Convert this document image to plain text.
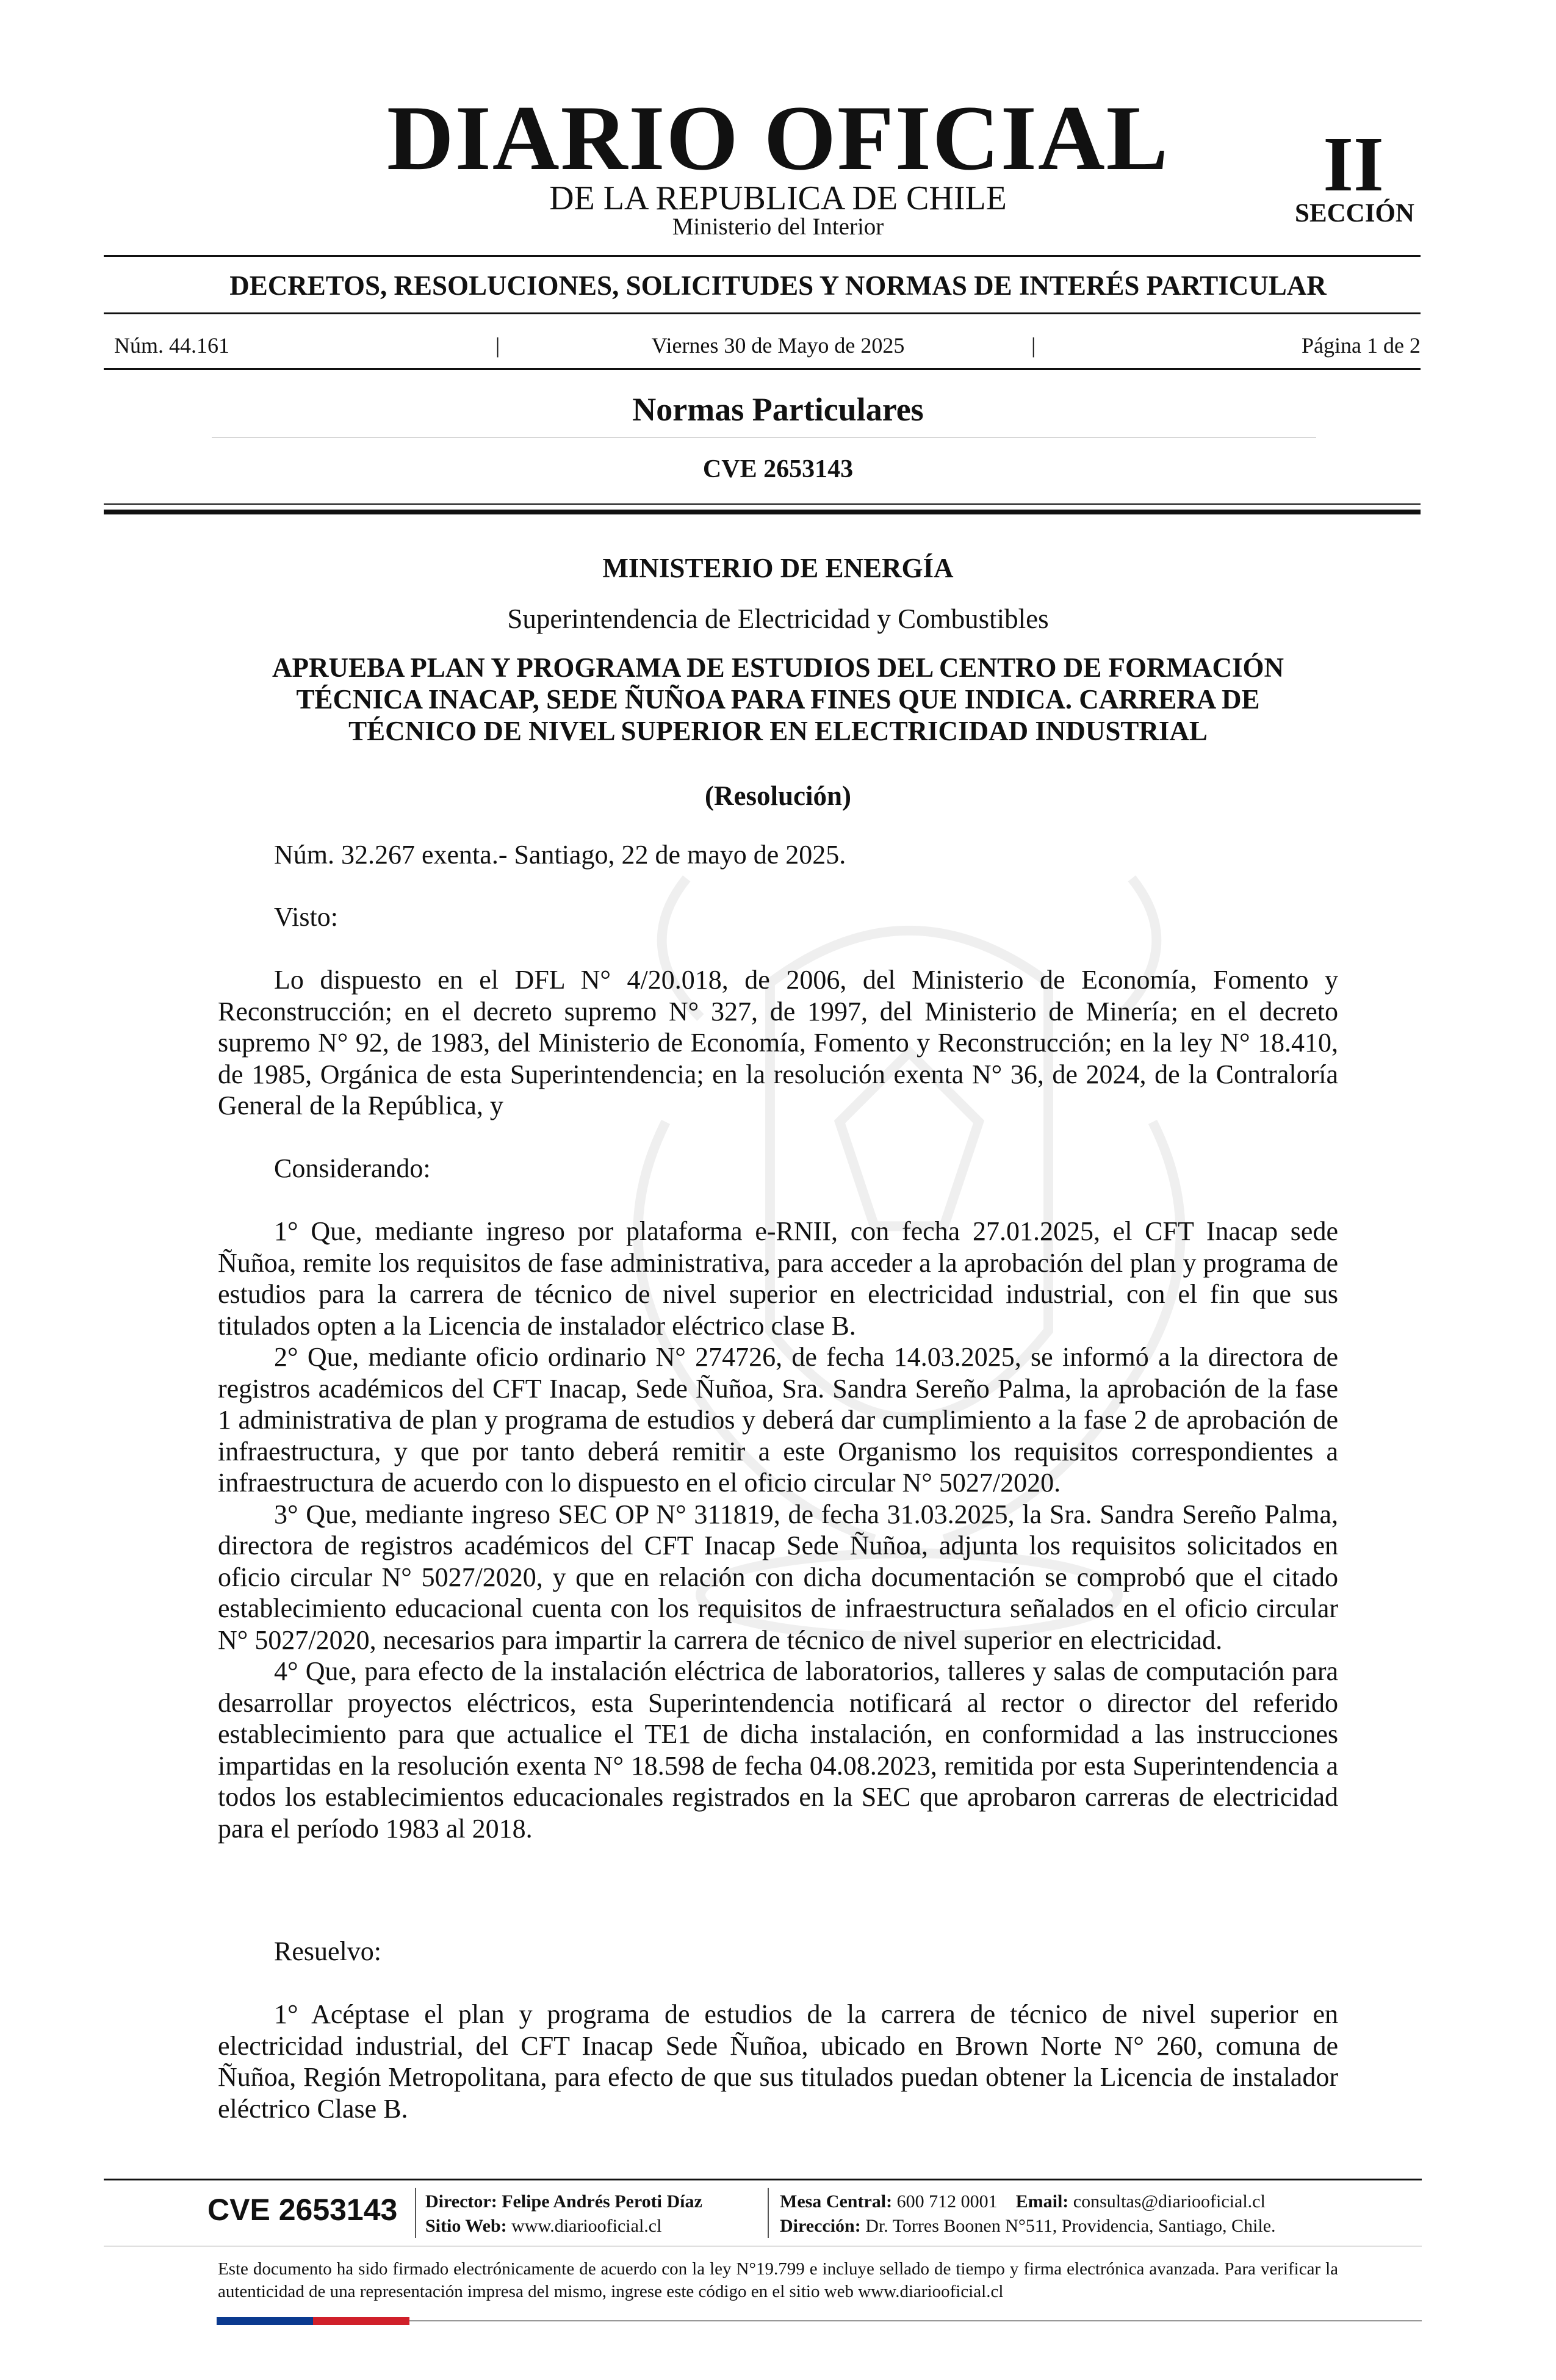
DIARIO OFICIAL
DE LA REPUBLICA DE CHILE
Ministerio del Interior
II
SECCIÓN
DECRETOS, RESOLUCIONES, SOLICITUDES Y NORMAS DE INTERÉS PARTICULAR
Núm. 44.161	|	Viernes 30 de Mayo de 2025	|	Página 1 de 2
Normas Particulares
CVE 2653143
MINISTERIO DE ENERGÍA
Superintendencia de Electricidad y Combustibles
APRUEBA PLAN Y PROGRAMA DE ESTUDIOS DEL CENTRO DE FORMACIÓN
TÉCNICA INACAP, SEDE ÑUÑOA PARA FINES QUE INDICA. CARRERA DE
TÉCNICO DE NIVEL SUPERIOR EN ELECTRICIDAD INDUSTRIAL
(Resolución)
Núm. 32.267 exenta.- Santiago, 22 de mayo de 2025.
Visto:
Lo dispuesto en el DFL N° 4/20.018, de 2006, del Ministerio de Economía, Fomento y Reconstrucción; en el decreto supremo N° 327, de 1997, del Ministerio de Minería; en el decreto supremo N° 92, de 1983, del Ministerio de Economía, Fomento y Reconstrucción; en la ley N° 18.410, de 1985, Orgánica de esta Superintendencia; en la resolución exenta N° 36, de 2024, de la Contraloría General de la República, y
Considerando:
1° Que, mediante ingreso por plataforma e-RNII, con fecha 27.01.2025, el CFT Inacap sede Ñuñoa, remite los requisitos de fase administrativa, para acceder a la aprobación del plan y programa de estudios para la carrera de técnico de nivel superior en electricidad industrial, con el fin que sus titulados opten a la Licencia de instalador eléctrico clase B.
2° Que, mediante oficio ordinario N° 274726, de fecha 14.03.2025, se informó a la directora de registros académicos del CFT Inacap, Sede Ñuñoa, Sra. Sandra Sereño Palma, la aprobación de la fase 1 administrativa de plan y programa de estudios y deberá dar cumplimiento a la fase 2 de aprobación de infraestructura, y que por tanto deberá remitir a este Organismo los requisitos correspondientes a infraestructura de acuerdo con lo dispuesto en el oficio circular N° 5027/2020.
3° Que, mediante ingreso SEC OP N° 311819, de fecha 31.03.2025, la Sra. Sandra Sereño Palma, directora de registros académicos del CFT Inacap Sede Ñuñoa, adjunta los requisitos solicitados en oficio circular N° 5027/2020, y que en relación con dicha documentación se comprobó que el citado establecimiento educacional cuenta con los requisitos de infraestructura señalados en el oficio circular N° 5027/2020, necesarios para impartir la carrera de técnico de nivel superior en electricidad.
4° Que, para efecto de la instalación eléctrica de laboratorios, talleres y salas de computación para desarrollar proyectos eléctricos, esta Superintendencia notificará al rector o director del referido establecimiento para que actualice el TE1 de dicha instalación, en conformidad a las instrucciones impartidas en la resolución exenta N° 18.598 de fecha 04.08.2023, remitida por esta Superintendencia a todos los establecimientos educacionales registrados en la SEC que aprobaron carreras de electricidad para el período 1983 al 2018.
Resuelvo:
1° Acéptase el plan y programa de estudios de la carrera de técnico de nivel superior en electricidad industrial, del CFT Inacap Sede Ñuñoa, ubicado en Brown Norte N° 260, comuna de Ñuñoa, Región Metropolitana, para efecto de que sus titulados puedan obtener la Licencia de instalador eléctrico Clase B.
CVE 2653143 Director: Felipe Andrés Peroti Díaz
Sitio Web: www.diariooficial.cl
Mesa Central: 600 712 0001 Email: consultas@diariooficial.cl
Dirección: Dr. Torres Boonen N°511, Providencia, Santiago, Chile.
Este documento ha sido firmado electrónicamente de acuerdo con la ley N°19.799 e incluye sellado de tiempo y firma electrónica avanzada. Para verificar la autenticidad de una representación impresa del mismo, ingrese este código en el sitio web www.diariooficial.cl
